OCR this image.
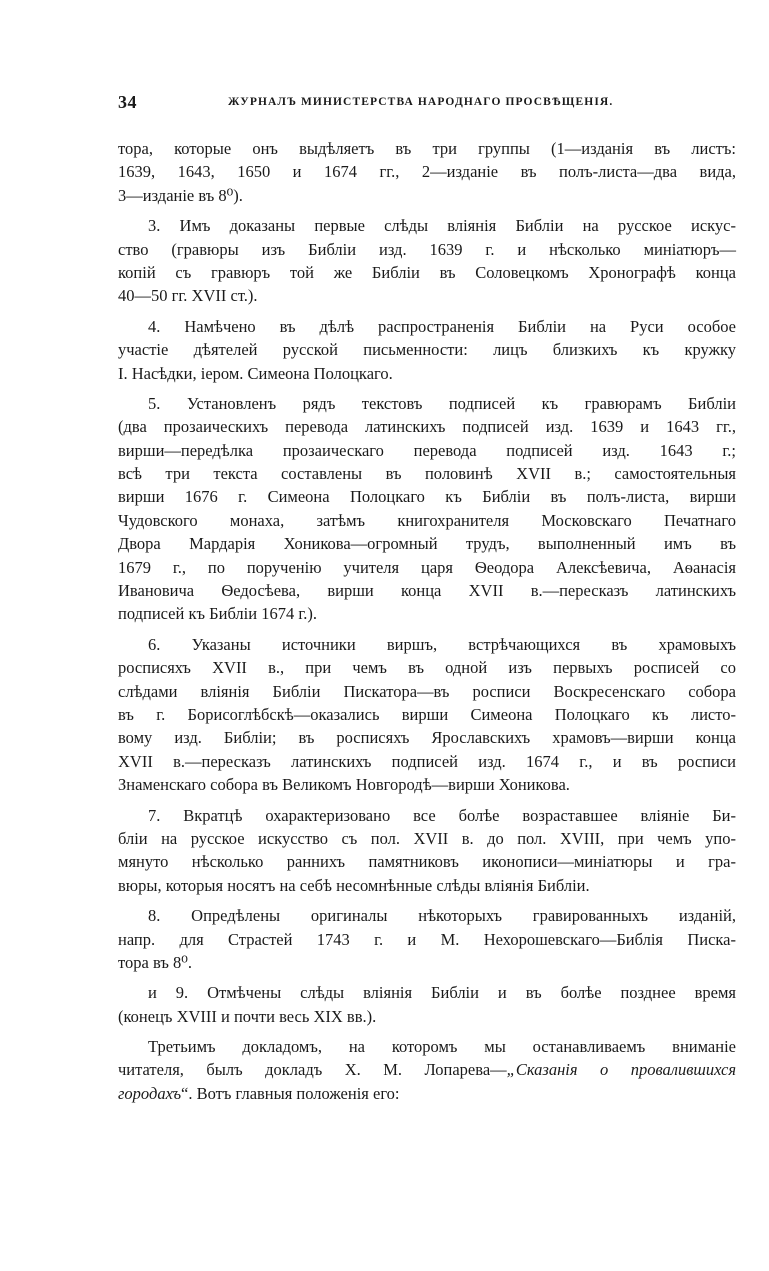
34	ЖУРНАЛЪ МИНИСТЕРСТВА НАРОДНАГО ПРОСВѢЩЕНІЯ.

тора, которые онъ выдѣляетъ въ три группы (1—изданія въ листъ:
1639, 1643, 1650 и 1674 гг., 2—изданіе въ полъ-листа—два вида,
3—изданіе въ 8⁰).

3. Имъ доказаны первые слѣды вліянія Библіи на русское искус-
ство (гравюры изъ Библіи изд. 1639 г. и нѣсколько миніатюръ—
копій съ гравюръ той же Библіи въ Соловецкомъ Хронографѣ конца
40—50 гг. XVII ст.).

4. Намѣчено въ дѣлѣ распространенія Библіи на Руси особое
участіе дѣятелей русской письменности: лицъ близкихъ къ кружку
I. Насѣдки, іером. Симеона Полоцкаго.

5. Установленъ рядъ текстовъ подписей къ гравюрамъ Библіи
(два прозаическихъ перевода латинскихъ подписей изд. 1639 и 1643 гг.,
вирши—передѣлка прозаическаго перевода подписей изд. 1643 г.;
всѣ три текста составлены въ половинѣ XVII в.; самостоятельныя
вирши 1676 г. Симеона Полоцкаго къ Библіи въ полъ-листа, вирши
Чудовского монаха, затѣмъ книгохранителя Московскаго Печатнаго
Двора Мардарія Хоникова—огромный трудъ, выполненный имъ въ
1679 г., по порученію учителя царя Ѳеодора Алексѣевича, Аѳанасія
Ивановича Ѳедосѣева, вирши конца XVII в.—пересказъ латинскихъ
подписей къ Библіи 1674 г.).

6. Указаны источники виршъ, встрѣчающихся въ храмовыхъ
росписяхъ XVII в., при чемъ въ одной изъ первыхъ росписей со
слѣдами вліянія Библіи Пискатора—въ росписи Воскресенскаго собора
въ г. Борисоглѣбскѣ—оказались вирши Симеона Полоцкаго къ листо-
вому изд. Библіи; въ росписяхъ Ярославскихъ храмовъ—вирши конца
XVII в.—пересказъ латинскихъ подписей изд. 1674 г., и въ росписи
Знаменскаго собора въ Великомъ Новгородѣ—вирши Хоникова.

7. Вкратцѣ охарактеризовано все болѣе возраставшее вліяніе Би-
бліи на русское искусство съ пол. XVII в. до пол. XVIII, при чемъ упо-
мянуто нѣсколько раннихъ памятниковъ иконописи—миніатюры и гра-
вюры, которыя носятъ на себѣ несомнѣнные слѣды вліянія Библіи.

8. Опредѣлены оригиналы нѣкоторыхъ гравированныхъ изданій,
напр. для Страстей 1743 г. и М. Нехорошевскаго—Библія Писка-
тора въ 8⁰.

и 9. Отмѣчены слѣды вліянія Библіи и въ болѣе позднее время
(конецъ XVIII и почти весь XIX вв.).

Третьимъ докладомъ, на которомъ мы останавливаемъ вниманіе
читателя, былъ докладъ Х. М. Лопарева—„Сказанія о провалившихся
городахъ“. Вотъ главныя положенія его:
